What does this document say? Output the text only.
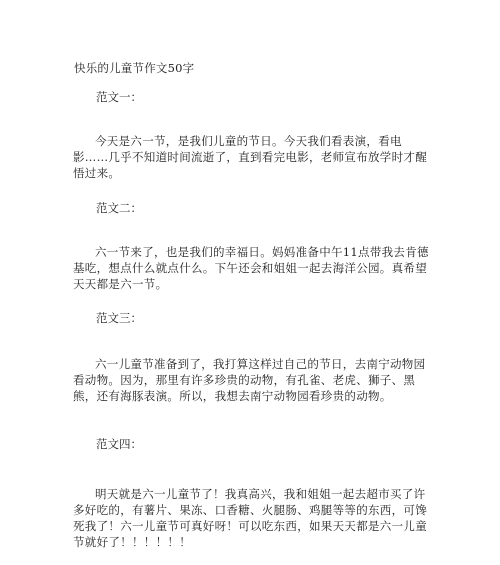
快乐的儿童节作文50字
范文一：
今天是六一节，是我们儿童的节日。今天我们看表演，看电影……几乎不知道时间流逝了，直到看完电影，老师宣布放学时才醒悟过来。
范文二：
六一节来了，也是我们的幸福日。妈妈准备中午11点带我去肯德基吃，想点什么就点什么。下午还会和姐姐一起去海洋公园。真希望天天都是六一节。
范文三：
六一儿童节准备到了，我打算这样过自己的节日，去南宁动物园看动物。因为，那里有许多珍贵的动物，有孔雀、老虎、狮子、黑熊，还有海豚表演。所以，我想去南宁动物园看珍贵的动物。
范文四：
明天就是六一儿童节了！我真高兴，我和姐姐一起去超市买了许多好吃的，有薯片、果冻、口香糖、火腿肠、鸡腿等等的东西，可馋死我了！六一儿童节可真好呀！可以吃东西，如果天天都是六一儿童节就好了！！！！！！
